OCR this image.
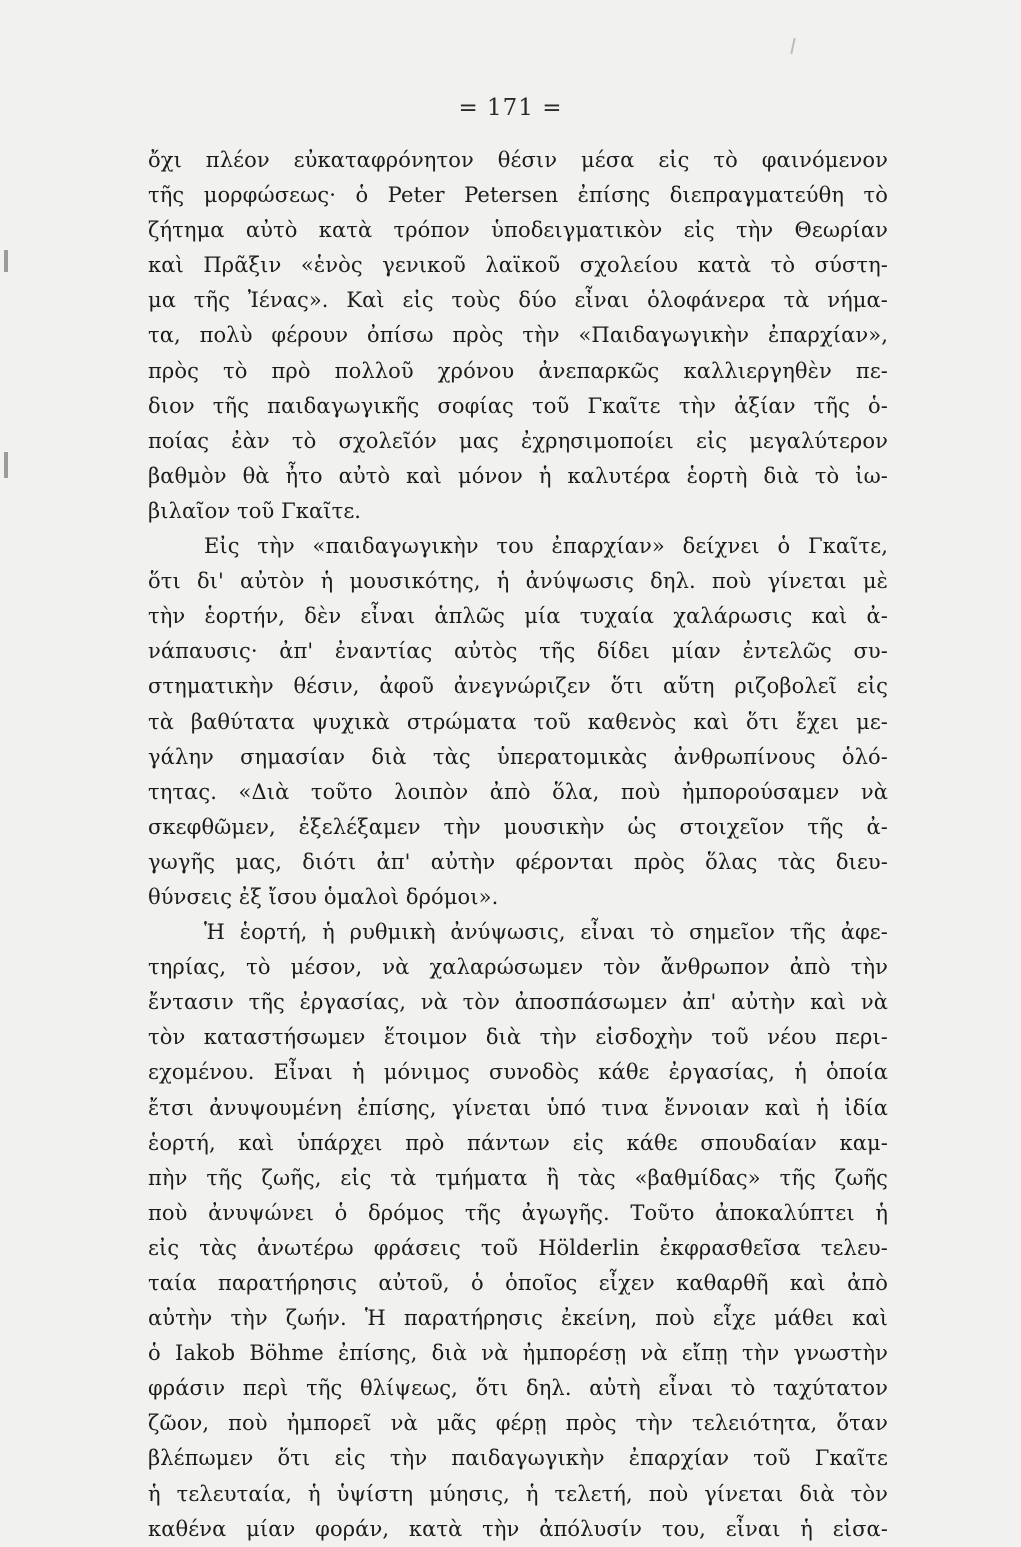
= 171 =
ὄχι πλέον εὐκαταφρόνητον θέσιν μέσα εἰς τὸ φαινόμενον
τῆς μορφώσεως· ὁ Peter Petersen ἐπίσης διεπραγματεύθη τὸ
ζήτημα αὐτὸ κατὰ τρόπον ὑποδειγματικὸν εἰς τὴν Θεωρίαν
καὶ Πρᾶξιν «ἑνὸς γενικοῦ λαϊκοῦ σχολείου κατὰ τὸ σύστη-
μα τῆς Ἰένας». Καὶ εἰς τοὺς δύο εἶναι ὁλοφάνερα τὰ νήμα-
τα, πολὺ φέρουν ὀπίσω πρὸς τὴν «Παιδαγωγικὴν ἐπαρχίαν»,
πρὸς τὸ πρὸ πολλοῦ χρόνου ἀνεπαρκῶς καλλιεργηθὲν πε-
διον τῆς παιδαγωγικῆς σοφίας τοῦ Γκαῖτε τὴν ἀξίαν τῆς ὁ-
ποίας ἐὰν τὸ σχολεῖόν μας ἐχρησιμοποίει εἰς μεγαλύτερον
βαθμὸν θὰ ἦτο αὐτὸ καὶ μόνον ἡ καλυτέρα ἑορτὴ διὰ τὸ ἰω-
βιλαῖον τοῦ Γκαῖτε.
Εἰς τὴν «παιδαγωγικὴν του ἐπαρχίαν» δείχνει ὁ Γκαῖτε,
ὅτι δι' αὐτὸν ἡ μουσικότης, ἡ ἀνύψωσις δηλ. ποὺ γίνεται μὲ
τὴν ἑορτήν, δὲν εἶναι ἁπλῶς μία τυχαία χαλάρωσις καὶ ἀ-
νάπαυσις· ἀπ' ἐναντίας αὐτὸς τῆς δίδει μίαν ἐντελῶς συ-
στηματικὴν θέσιν, ἀφοῦ ἀνεγνώριζεν ὅτι αὕτη ριζοβολεῖ εἰς
τὰ βαθύτατα ψυχικὰ στρώματα τοῦ καθενὸς καὶ ὅτι ἔχει με-
γάλην σημασίαν διὰ τὰς ὑπερατομικὰς ἀνθρωπίνους ὁλό-
τητας. «Διὰ τοῦτο λοιπὸν ἀπὸ ὅλα, ποὺ ἠμπορούσαμεν νὰ
σκεφθῶμεν, ἐξελέξαμεν τὴν μουσικὴν ὡς στοιχεῖον τῆς ἀ-
γωγῆς μας, διότι ἀπ' αὐτὴν φέρονται πρὸς ὅλας τὰς διευ-
θύνσεις ἐξ ἴσου ὁμαλοὶ δρόμοι».
Ἡ ἑορτή, ἡ ρυθμικὴ ἀνύψωσις, εἶναι τὸ σημεῖον τῆς ἀφε-
τηρίας, τὸ μέσον, νὰ χαλαρώσωμεν τὸν ἄνθρωπον ἀπὸ τὴν
ἔντασιν τῆς ἐργασίας, νὰ τὸν ἀποσπάσωμεν ἀπ' αὐτὴν καὶ νὰ
τὸν καταστήσωμεν ἕτοιμον διὰ τὴν εἰσδοχὴν τοῦ νέου περι-
εχομένου. Εἶναι ἡ μόνιμος συνοδὸς κάθε ἐργασίας, ἡ ὁποία
ἔτσι ἀνυψουμένη ἐπίσης, γίνεται ὑπό τινα ἔννοιαν καὶ ἡ ἰδία
ἑορτή, καὶ ὑπάρχει πρὸ πάντων εἰς κάθε σπουδαίαν καμ-
πὴν τῆς ζωῆς, εἰς τὰ τμήματα ἢ τὰς «βαθμίδας» τῆς ζωῆς
ποὺ ἀνυψώνει ὁ δρόμος τῆς ἀγωγῆς. Τοῦτο ἀποκαλύπτει ἡ
εἰς τὰς ἀνωτέρω φράσεις τοῦ Hölderlin ἐκφρασθεῖσα τελευ-
ταία παρατήρησις αὐτοῦ, ὁ ὁποῖος εἶχεν καθαρθῆ καὶ ἀπὸ
αὐτὴν τὴν ζωήν. Ἡ παρατήρησις ἐκείνη, ποὺ εἶχε μάθει καὶ
ὁ Iakob Böhme ἐπίσης, διὰ νὰ ἠμπορέσῃ νὰ εἴπῃ τὴν γνωστὴν
φράσιν περὶ τῆς θλίψεως, ὅτι δηλ. αὐτὴ εἶναι τὸ ταχύτατον
ζῶον, ποὺ ἠμπορεῖ νὰ μᾶς φέρῃ πρὸς τὴν τελειότητα, ὅταν
βλέπωμεν ὅτι εἰς τὴν παιδαγωγικὴν ἐπαρχίαν τοῦ Γκαῖτε
ἡ τελευταία, ἡ ὑψίστη μύησις, ἡ τελετή, ποὺ γίνεται διὰ τὸν
καθένα μίαν φοράν, κατὰ τὴν ἀπόλυσίν του, εἶναι ἡ εἰσα-
